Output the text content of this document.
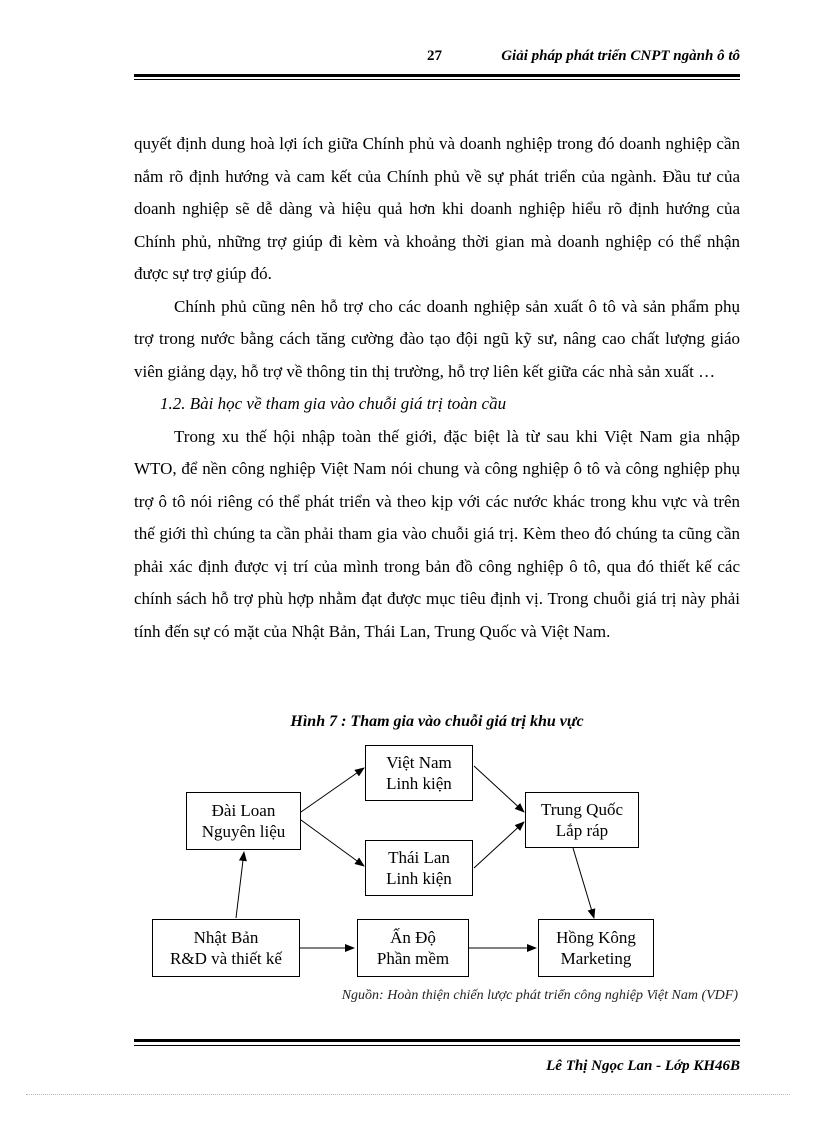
27	Giải pháp phát triển CNPT ngành ô tô

quyết định dung hoà lợi ích giữa Chính phủ và doanh nghiệp trong đó doanh nghiệp cần nắm rõ định hướng và cam kết của Chính phủ về sự phát triển của ngành. Đầu tư của doanh nghiệp sẽ dễ dàng và hiệu quả hơn khi doanh nghiệp hiểu rõ định hướng của Chính phủ, những trợ giúp đi kèm và khoảng thời gian mà doanh nghiệp có thể nhận được sự trợ giúp đó.

Chính phủ cũng nên hỗ trợ cho các doanh nghiệp sản xuất ô tô và sản phẩm phụ trợ trong nước bằng cách tăng cường đào tạo đội ngũ kỹ sư, nâng cao chất lượng giáo viên giảng dạy, hỗ trợ về thông tin thị trường, hỗ trợ liên kết giữa các nhà sản xuất …

1.2. Bài học về tham gia vào chuỗi giá trị toàn cầu

Trong xu thế hội nhập toàn thế giới, đặc biệt là từ sau khi Việt Nam gia nhập WTO, để nền công nghiệp Việt Nam nói chung và công nghiệp ô tô và công nghiệp phụ trợ ô tô nói riêng có thể phát triển và theo kịp với các nước khác trong khu vực và trên thế giới thì chúng ta cần phải tham gia vào chuỗi giá trị. Kèm theo đó chúng ta cũng cần phải xác định được vị trí của mình trong bản đồ công nghiệp ô tô, qua đó thiết kế các chính sách hỗ trợ phù hợp nhằm đạt được mục tiêu định vị. Trong chuỗi giá trị này phải tính đến sự có mặt của Nhật Bản, Thái Lan, Trung Quốc và Việt Nam.

Hình 7 : Tham gia vào chuỗi giá trị khu vực
Đài Loan
Nguyên liệu
Việt Nam
Linh kiện
Thái Lan
Linh kiện
Trung Quốc
Lắp ráp
Nhật Bản
R&D và thiết kế
Ấn Độ
Phần mềm
Hồng Kông
Marketing
Nguồn: Hoàn thiện chiến lược phát triển công nghiệp Việt Nam (VDF)
Lê Thị Ngọc Lan - Lớp KH46B
